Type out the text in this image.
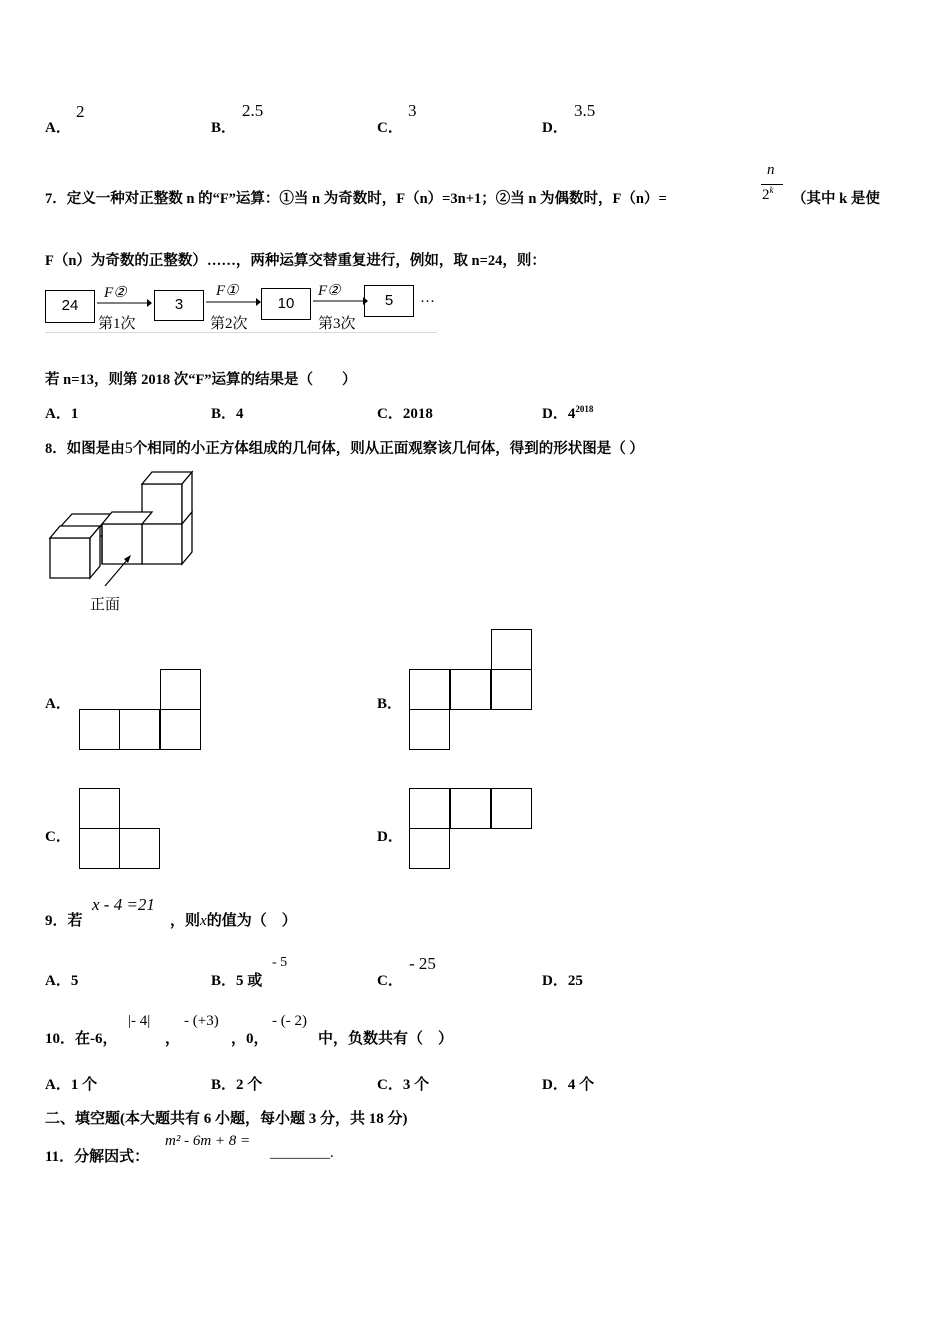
A．
2
B．
2.5
C．
3
D．
3.5
7．定义一种对正整数 n 的“F”运算：①当 n 为奇数时，F（n）=3n+1；②当 n 为偶数时，F（n）=
n
2$^k$
（其中 k 是使
F（n）为奇数的正整数）……，两种运算交替重复进行，例如，取 n=24，则：
24
F②
第1次
3
F①
第2次
10
F②
第3次
5	…
若 n=13，则第 2018 次“F”运算的结果是（　　）
A．1	B．4	C．2018	D．$4^{2018}$
8．如图是由5个相同的小正方体组成的几何体，则从正面观察该几何体，得到的形状图是（ ）
正面
A．	B．
C．	D．
9．若
x - 4 =21
，则x的值为（　）
A．5	B．5 或
- 5
C．
- 25
D．25
10．在-6，
|- 4|
，
- (+3)
，0，
- (- 2)
中，负数共有（　）
A．1 个	B．2 个	C．3 个	D．4 个
二、填空题(本大题共有 6 小题，每小题 3 分，共 18 分)
11．分解因式：
m² - 6m + 8 =
________.
